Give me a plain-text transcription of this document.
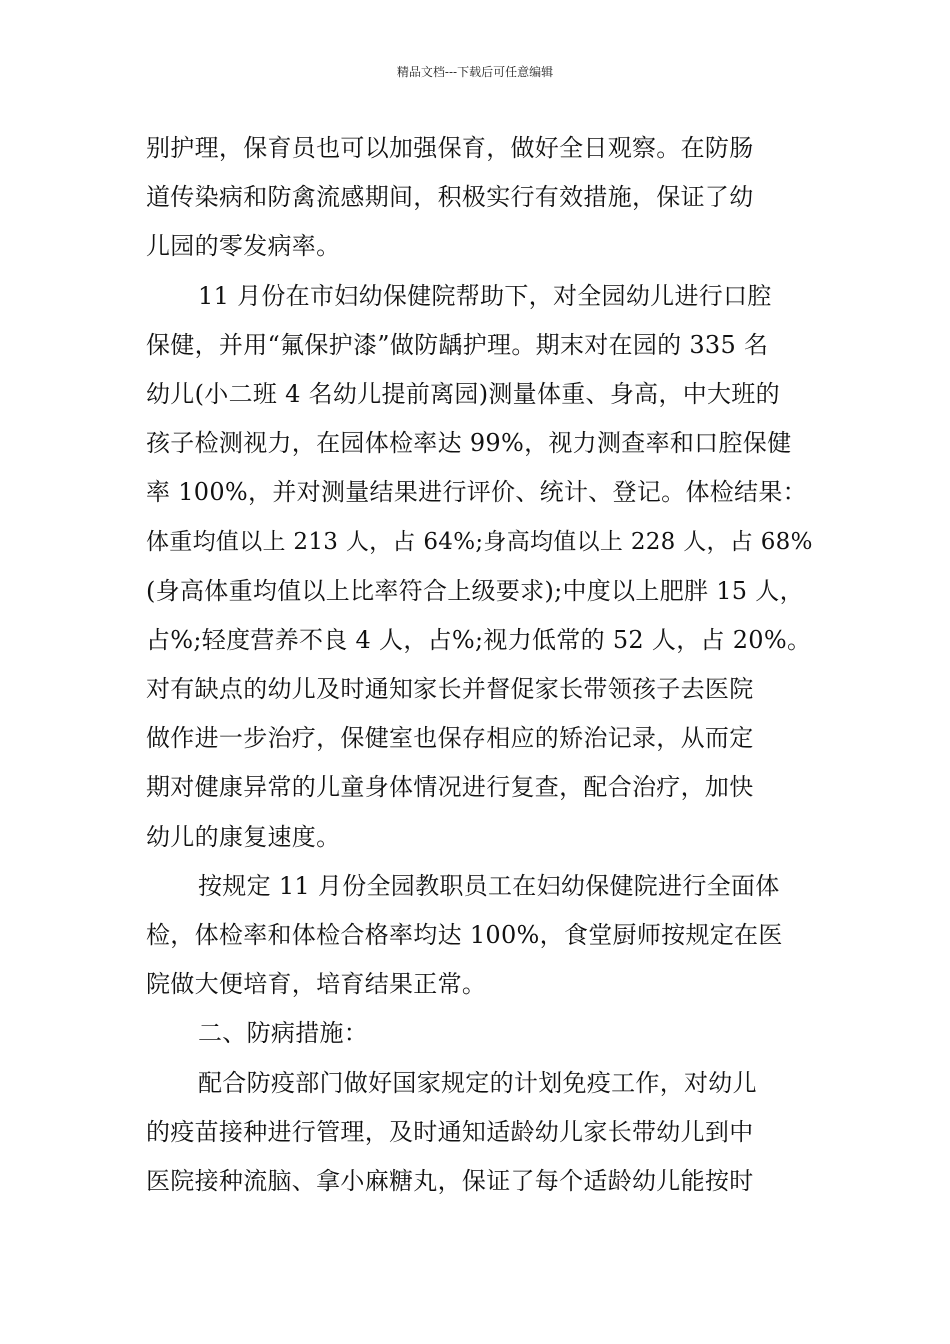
精品文档---下载后可任意编辑
别护理，保育员也可以加强保育，做好全日观察。在防肠
道传染病和防禽流感期间，积极实行有效措施，保证了幼
儿园的零发病率。
11 月份在市妇幼保健院帮助下，对全园幼儿进行口腔
保健，并用“氟保护漆”做防龋护理。期末对在园的 335 名
幼儿(小二班 4 名幼儿提前离园)测量体重、身高，中大班的
孩子检测视力，在园体检率达 99%，视力测查率和口腔保健
率 100%，并对测量结果进行评价、统计、登记。体检结果：
体重均值以上 213 人，占 64%;身高均值以上 228 人，占 68%
(身高体重均值以上比率符合上级要求);中度以上肥胖 15 人，
占%;轻度营养不良 4 人，占%;视力低常的 52 人，占 20%。
对有缺点的幼儿及时通知家长并督促家长带领孩子去医院
做作进一步治疗，保健室也保存相应的矫治记录，从而定
期对健康异常的儿童身体情况进行复查，配合治疗，加快
幼儿的康复速度。
按规定 11 月份全园教职员工在妇幼保健院进行全面体
检，体检率和体检合格率均达 100%，食堂厨师按规定在医
院做大便培育，培育结果正常。
二、防病措施：
配合防疫部门做好国家规定的计划免疫工作，对幼儿
的疫苗接种进行管理，及时通知适龄幼儿家长带幼儿到中
医院接种流脑、拿小麻糖丸，保证了每个适龄幼儿能按时
